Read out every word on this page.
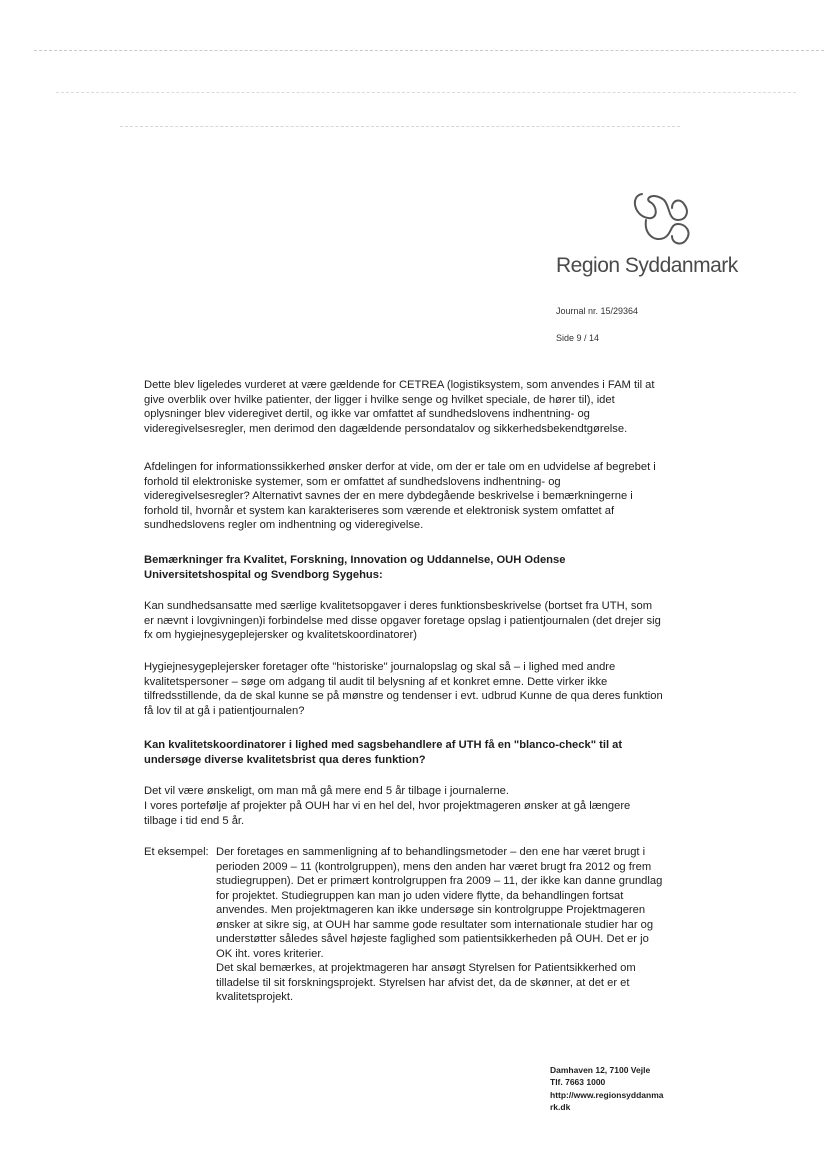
Region Syddanmark
Journal nr. 15/29364
Side 9 / 14

Dette blev ligeledes vurderet at være gældende for CETREA (logistiksystem, som anvendes i FAM til at give overblik over hvilke patienter, der ligger i hvilke senge og hvilket speciale, de hører til), idet oplysninger blev videregivet dertil, og ikke var omfattet af sundhedslovens indhentning- og videregivelsesregler, men derimod den dagældende persondatalov og sikkerhedsbekendtgørelse.

Afdelingen for informationssikkerhed ønsker derfor at vide, om der er tale om en udvidelse af begrebet i forhold til elektroniske systemer, som er omfattet af sundhedslovens indhentning- og videregivelsesregler? Alternativt savnes der en mere dybdegående beskrivelse i bemærkningerne i forhold til, hvornår et system kan karakteriseres som værende et elektronisk system omfattet af sundhedslovens regler om indhentning og videregivelse.

Bemærkninger fra Kvalitet, Forskning, Innovation og Uddannelse, OUH Odense Universitetshospital og Svendborg Sygehus:

Kan sundhedsansatte med særlige kvalitetsopgaver i deres funktionsbeskrivelse (bortset fra UTH, som er nævnt i lovgivningen)i forbindelse med disse opgaver foretage opslag i patientjournalen (det drejer sig fx om hygiejnesygeplejersker og kvalitetskoordinatorer)

Hygiejnesygeplejersker foretager ofte "historiske" journalopslag og skal så – i lighed med andre kvalitetspersoner – søge om adgang til audit til belysning af et konkret emne. Dette virker ikke tilfredsstillende, da de skal kunne se på mønstre og tendenser i evt. udbrud Kunne de qua deres funktion få lov til at gå i patientjournalen?

Kan kvalitetskoordinatorer i lighed med sagsbehandlere af UTH få en "blanco-check" til at undersøge diverse kvalitetsbrist qua deres funktion?

Det vil være ønskeligt, om man må gå mere end 5 år tilbage i journalerne.

I vores portefølje af projekter på OUH har vi en hel del, hvor projektmageren ønsker at gå længere tilbage i tid end 5 år.

Et eksempel: Der foretages en sammenligning af to behandlingsmetoder – den ene har været brugt i perioden 2009 – 11 (kontrolgruppen), mens den anden har været brugt fra 2012 og frem studiegruppen). Det er primært kontrolgruppen fra 2009 – 11, der ikke kan danne grundlag for projektet. Studiegruppen kan man jo uden videre flytte, da behandlingen fortsat anvendes. Men projektmageren kan ikke undersøge sin kontrolgruppe Projektmageren ønsker at sikre sig, at OUH har samme gode resultater som internationale studier har og understøtter således såvel højeste faglighed som patientsikkerheden på OUH. Det er jo OK iht. vores kriterier.

Det skal bemærkes, at projektmageren har ansøgt Styrelsen for Patientsikkerhed om tilladelse til sit forskningsprojekt. Styrelsen har afvist det, da de skønner, at det er et kvalitetsprojekt.

Damhaven 12, 7100 Vejle
Tlf. 7663 1000
http://www.regionsyddanma
rk.dk
